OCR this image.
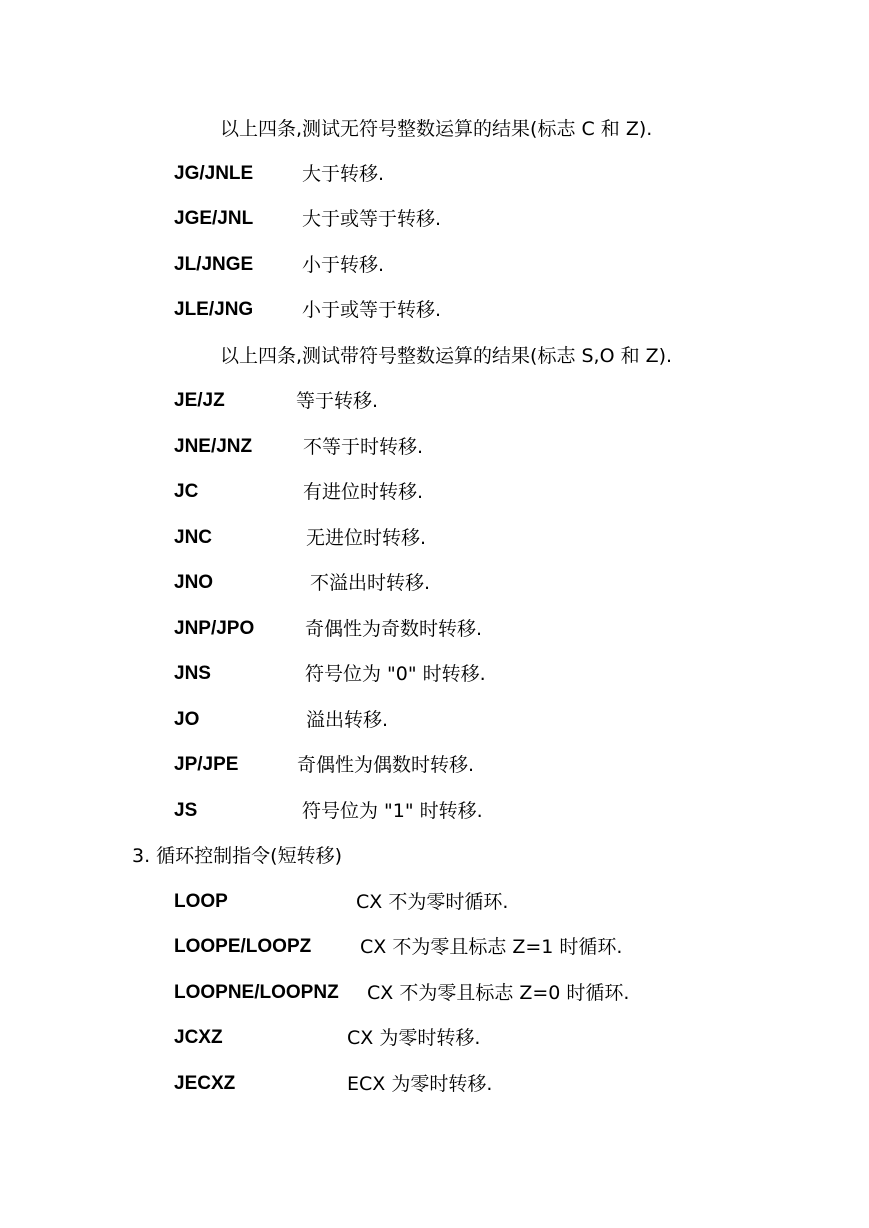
以上四条,测试无符号整数运算的结果(标志 C 和 Z).
JG/JNLE	大于转移.
JGE/JNL	大于或等于转移.
JL/JNGE	小于转移.
JLE/JNG	小于或等于转移.
以上四条,测试带符号整数运算的结果(标志 S,O 和 Z).
JE/JZ	等于转移.
JNE/JNZ	不等于时转移.
JC	有进位时转移.
JNC	无进位时转移.
JNO	不溢出时转移.
JNP/JPO	奇偶性为奇数时转移.
JNS	符号位为 "0" 时转移.
JO	溢出转移.
JP/JPE	奇偶性为偶数时转移.
JS	符号位为 "1" 时转移.
3. 循环控制指令(短转移)
LOOP	CX 不为零时循环.
LOOPE/LOOPZ	CX 不为零且标志 Z=1 时循环.
LOOPNE/LOOPNZ CX 不为零且标志 Z=0 时循环.
JCXZ	CX 为零时转移.
JECXZ	ECX 为零时转移.
